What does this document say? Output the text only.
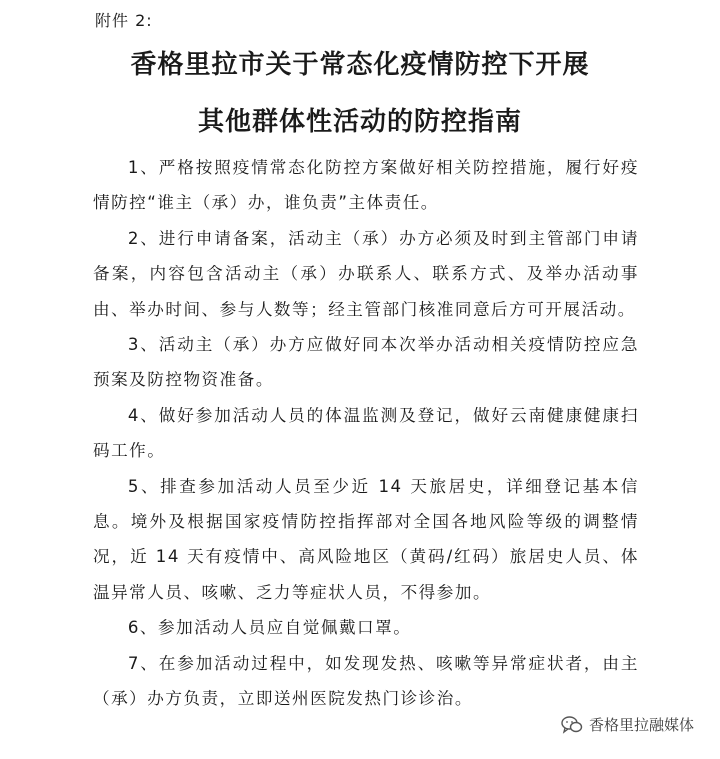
附件 2:
香格里拉市关于常态化疫情防控下开展
其他群体性活动的防控指南

1、严格按照疫情常态化防控方案做好相关防控措施，履行好疫情防控“谁主（承）办，谁负责”主体责任。

2、进行申请备案，活动主（承）办方必须及时到主管部门申请备案，内容包含活动主（承）办联系人、联系方式、及举办活动事由、举办时间、参与人数等；经主管部门核准同意后方可开展活动。

3、活动主（承）办方应做好同本次举办活动相关疫情防控应急预案及防控物资准备。

4、做好参加活动人员的体温监测及登记，做好云南健康健康扫码工作。

5、排查参加活动人员至少近 14 天旅居史，详细登记基本信息。境外及根据国家疫情防控指挥部对全国各地风险等级的调整情况，近 14 天有疫情中、高风险地区（黄码/红码）旅居史人员、体温异常人员、咳嗽、乏力等症状人员，不得参加。

6、参加活动人员应自觉佩戴口罩。

7、在参加活动过程中，如发现发热、咳嗽等异常症状者，由主（承）办方负责，立即送州医院发热门诊诊治。

香格里拉融媒体
